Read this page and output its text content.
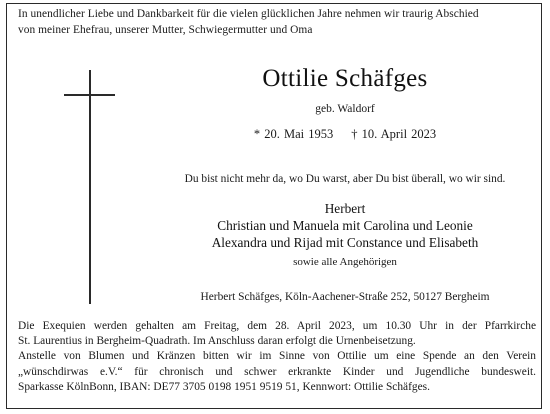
In unendlicher Liebe und Dankbarkeit für die vielen glücklichen Jahre nehmen wir traurig Abschied
von meiner Ehefrau, unserer Mutter, Schwiegermutter und Oma
Ottilie Schäfges
geb. Waldorf
* 20. Mai 1953 † 10. April 2023
Du bist nicht mehr da, wo Du warst, aber Du bist überall, wo wir sind.
Herbert
Christian und Manuela mit Carolina und Leonie
Alexandra und Rijad mit Constance und Elisabeth
sowie alle Angehörigen
Herbert Schäfges, Köln-Aachener-Straße 252, 50127 Bergheim
Die Exequien werden gehalten am Freitag, dem 28. April 2023, um 10.30 Uhr in der Pfarrkirche
St. Laurentius in Bergheim-Quadrath. Im Anschluss daran erfolgt die Urnenbeisetzung.
Anstelle von Blumen und Kränzen bitten wir im Sinne von Ottilie um eine Spende an den Verein
„wünschdirwas e.V.“ für chronisch und schwer erkrankte Kinder und Jugendliche bundesweit.
Sparkasse KölnBonn, IBAN: DE77 3705 0198 1951 9519 51, Kennwort: Ottilie Schäfges.
